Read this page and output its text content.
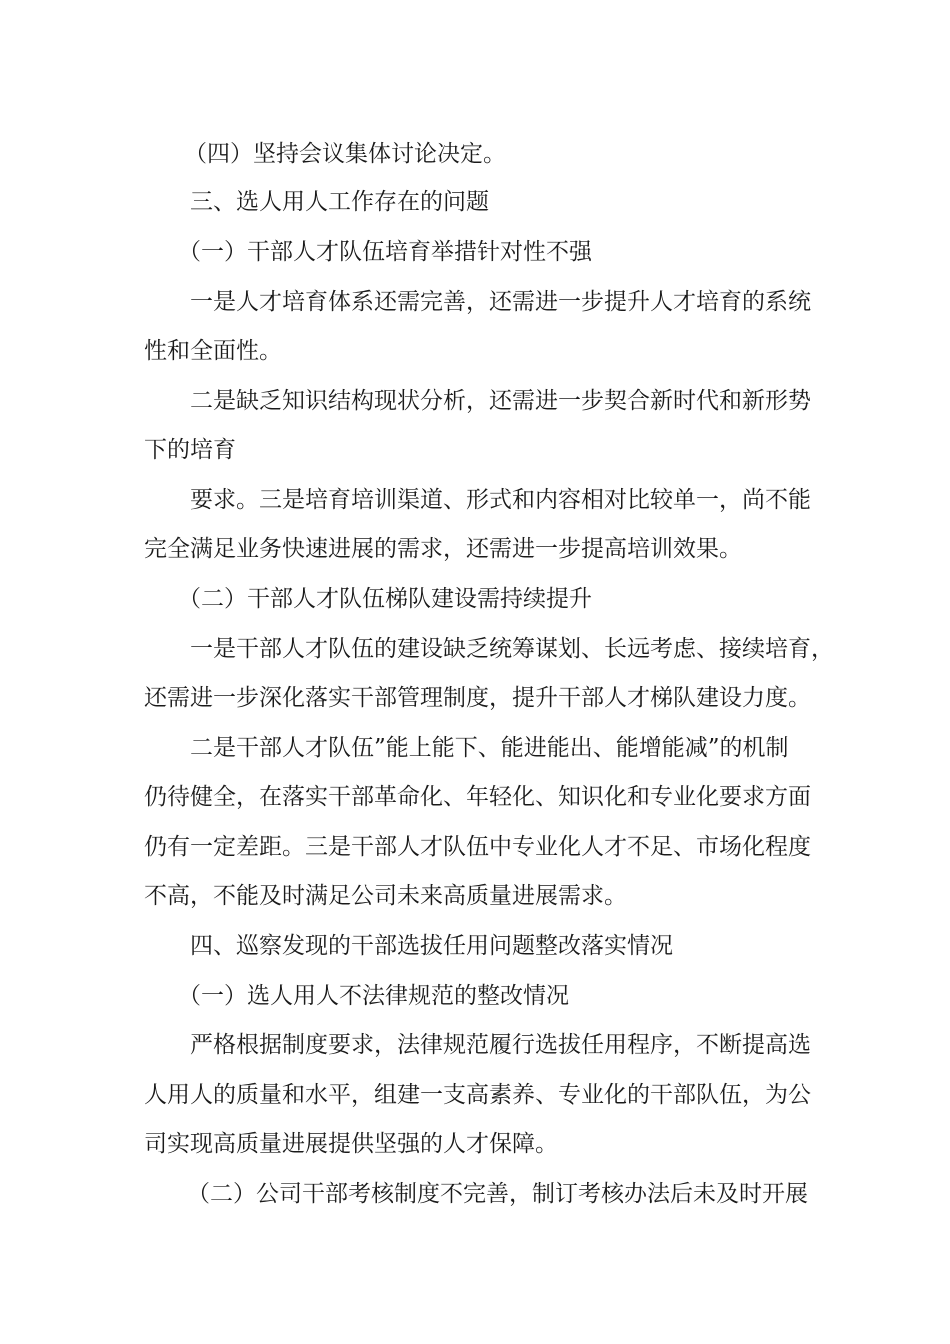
（四）坚持会议集体讨论决定。

三、选人用人工作存在的问题

（一）干部人才队伍培育举措针对性不强

一是人才培育体系还需完善，还需进一步提升人才培育的系统

性和全面性。

二是缺乏知识结构现状分析，还需进一步契合新时代和新形势

下的培育

要求。三是培育培训渠道、形式和内容相对比较单一，尚不能

完全满足业务快速进展的需求，还需进一步提高培训效果。

（二）干部人才队伍梯队建设需持续提升

一是干部人才队伍的建设缺乏统筹谋划、长远考虑、接续培育，

还需进一步深化落实干部管理制度，提升干部人才梯队建设力度。

二是干部人才队伍”能上能下、能进能出、能增能减”的机制

仍待健全，在落实干部革命化、年轻化、知识化和专业化要求方面

仍有一定差距。三是干部人才队伍中专业化人才不足、市场化程度

不高，不能及时满足公司未来高质量进展需求。

四、巡察发现的干部选拔任用问题整改落实情况

（一）选人用人不法律规范的整改情况

严格根据制度要求，法律规范履行选拔任用程序，不断提高选

人用人的质量和水平，组建一支高素养、专业化的干部队伍，为公

司实现高质量进展提供坚强的人才保障。

（二）公司干部考核制度不完善，制订考核办法后未及时开展
